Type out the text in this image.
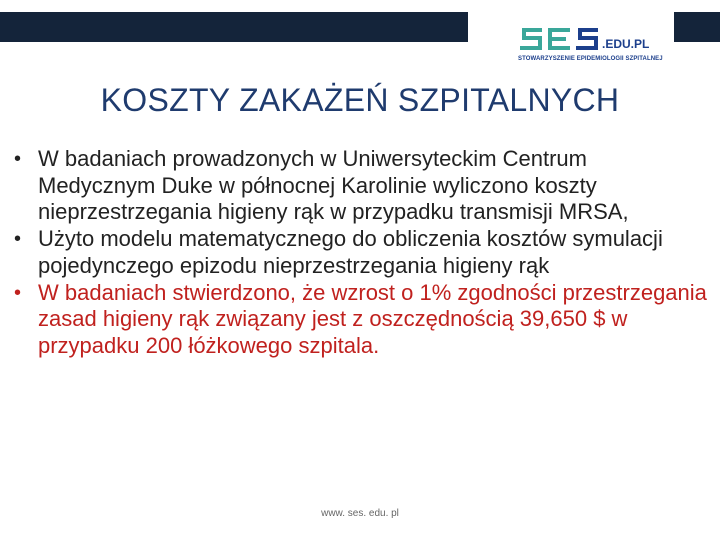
.EDU.PL
STOWARZYSZENIE EPIDEMIOLOGII SZPITALNEJ
KOSZTY ZAKAŻEŃ SZPITALNYCH
• W badaniach prowadzonych w Uniwersyteckim Centrum Medycznym Duke w północnej Karolinie wyliczono koszty nieprzestrzegania higieny rąk w przypadku transmisji MRSA,
• Użyto modelu matematycznego do obliczenia kosztów symulacji pojedynczego epizodu nieprzestrzegania higieny rąk
• W badaniach stwierdzono, że wzrost o 1% zgodności przestrzegania zasad higieny rąk związany jest z oszczędnością 39,650 $ w przypadku 200 łóżkowego szpitala.
www. ses. edu. pl
